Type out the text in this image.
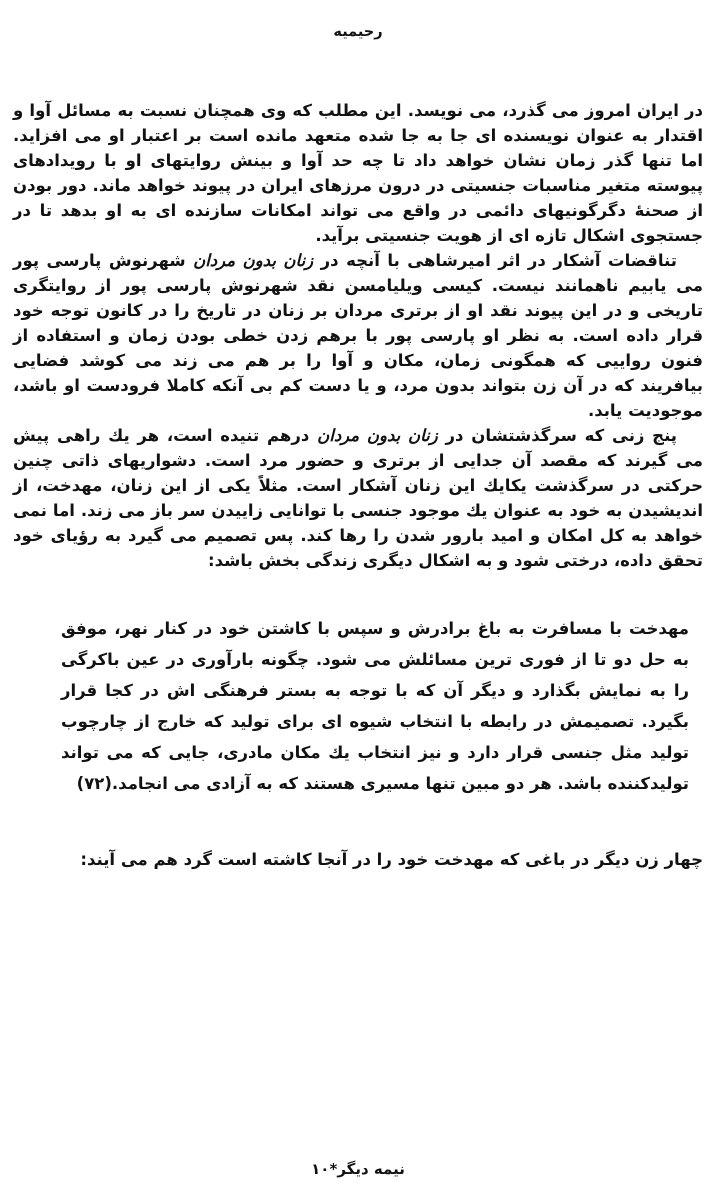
رحيميه

در ايران امروز می گذرد، می نويسد. اين مطلب كه وی همچنان نسبت به مسائل آوا و اقتدار به عنوان نويسنده ای جا به جا شده متعهد مانده است بر اعتبار او می افزايد. اما تنها گذر زمان نشان خواهد داد تا چه حد آوا و بينش روايتهای او با رويدادهای پيوسته متغير مناسبات جنسيتی در درون مرزهای ايران در پيوند خواهد ماند. دور بودن از صحنهٔ دگرگونيهای دائمی در واقع می تواند امكانات سازنده ای به او بدهد تا در جستجوی اشكال تازه ای از هويت جنسيتی برآيد.

تناقضات آشكار در اثر اميرشاهی با آنچه در زنان بدون مردان شهرنوش پارسی پور می يابيم ناهمانند نيست. كيسی ويليامسن نقد شهرنوش پارسی پور از روايتگری تاريخی و در اين پيوند نقد او از برتری مردان بر زنان در تاريخ را در كانون توجه خود قرار داده است. به نظر او پارسی پور با برهم زدن خطی بودن زمان و استفاده از فنون روايیی كه همگونی زمان، مكان و آوا را بر هم می زند می كوشد فضايی بيافريند كه در آن زن بتواند بدون مرد، و يا دست كم بی آنكه كاملا فرودست او باشد، موجوديت يابد.

پنج زنی كه سرگذشتشان در زنان بدون مردان درهم تنيده است، هر يك راهی پيش می گيرند كه مقصد آن جدايی از برتری و حضور مرد است. دشواريهای ذاتی چنين حركتی در سرگذشت يكايك اين زنان آشكار است. مثلاً يكی از اين زنان، مهدخت، از انديشيدن به خود به عنوان يك موجود جنسی با توانايی زاييدن سر باز می زند. اما نمی خواهد به كل امكان و اميد بارور شدن را رها كند. پس تصميم می گيرد به رؤيای خود تحقق داده، درختی شود و به اشكال ديگری زندگی بخش باشد:

مهدخت با مسافرت به باغ برادرش و سپس با كاشتن خود در كنار نهر، موفق به حل دو تا از فوری ترين مسائلش می شود. چگونه بارآوری در عين باكرگی را به نمايش بگذارد و ديگر آن كه با توجه به بستر فرهنگی اش در كجا قرار بگيرد. تصميمش در رابطه با انتخاب شيوه ای برای توليد كه خارج از چارچوب توليد مثل جنسی قرار دارد و نيز انتخاب يك مكان مادری، جايی كه می تواند توليدكننده باشد. هر دو مبين تنها مسيری هستند كه به آزادی می انجامد.(٧٢)

چهار زن ديگر در باغی كه مهدخت خود را در آنجا كاشته است گرد هم می آيند:

نيمه ديگر*١٠
